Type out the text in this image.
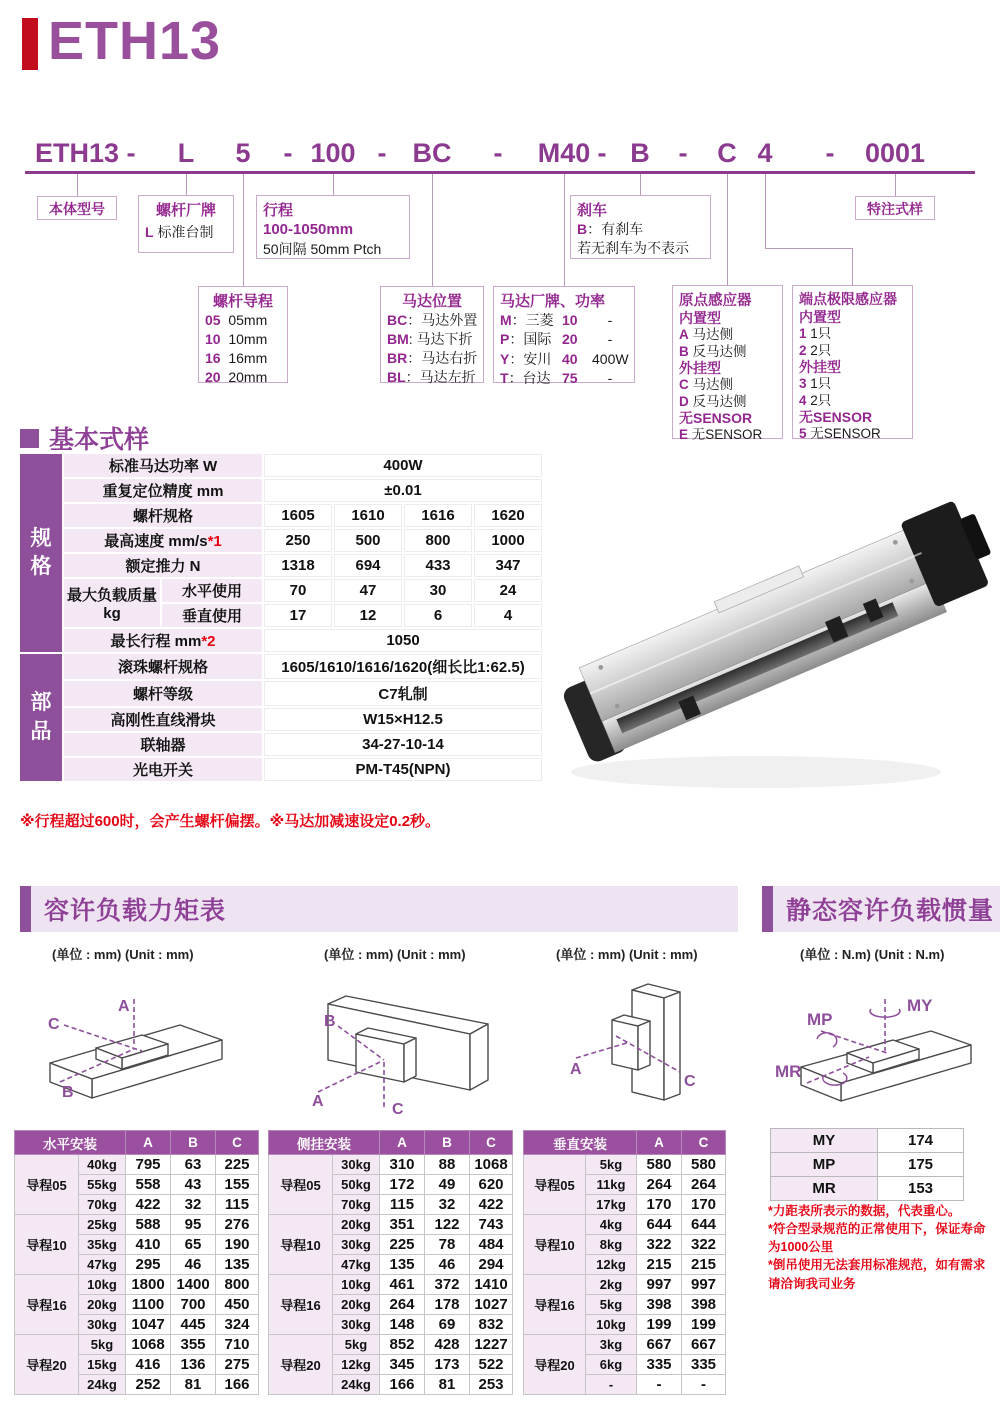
ETH13
ETH13 - L 5 - 100 - BC - M40 - B - C 4 - 0001
本体型号	螺杆厂牌
L 标准台制
行程
100-1050mm
50间隔 50mm Ptch
刹车
B：有刹车
若无刹车为不表示
特注式样
螺杆导程
05 05mm
10 10mm
16 16mm
20 20mm
马达位置
BC：马达外置
BM: 马达下折
BR：马达右折
BL：马达左折
马达厂牌、功率
M：三菱 10	-
P：国际 20	-
Y：安川 40	400W
T：台达 75	-
原点感应器
内置型
A 马达侧
B 反马达侧
外挂型
C 马达侧
D 反马达侧
无SENSOR
E 无SENSOR
端点极限感应器
内置型
1 1只
2 2只
外挂型
3 1只
4 2只
无SENSOR
5 无SENSOR
基本式样
规格	标准马达功率 W		400W			
	重复定位精度 mm		±0.01			
	螺杆规格		1605	1610	1616	1620
	最高速度 mm/s*1		250	500	800	1000
	额定推力 N		1318	694	433	347

	最大负载质量
kg	水平使用	70	47	30	24
		垂直使用	17	12	6	4
	最长行程 mm*2		1050			
部品	滚珠螺杆规格		1605/1610/1616/1620(细长比1:62.5)			
	螺杆等级		C7轧制			
	高刚性直线滑块		W15×H12.5			
	联轴器		34-27-10-14			
	光电开关		PM-T45(NPN)			
※行程超过600时，会产生螺杆偏摆。※马达加减速设定0.2秒。
容许负载力矩表	静态容许负载惯量
(单位 : mm) (Unit : mm)	(单位 : mm) (Unit : mm)	(单位 : mm) (Unit : mm)	(单位 : N.m) (Unit : N.m)
A
C
B
B
A	C
A
C
MY
MP
MR
水平安装		A	B	C
导程05	40kg	795	63	225
	55kg	558	43	155
	70kg	422	32	115
导程10	25kg	588	95	276
	35kg	410	65	190
	47kg	295	46	135
导程16	10kg	1800	1400	800
	20kg	1100	700	450
	30kg	1047	445	324
导程20	5kg	1068	355	710
	15kg	416	136	275
	24kg	252	81	166
侧挂安装		A	B	C
导程05	30kg	310	88	1068
	50kg	172	49	620
	70kg	115	32	422
导程10	20kg	351	122	743
	30kg	225	78	484
	47kg	135	46	294
导程16	10kg	461	372	1410
	20kg	264	178	1027
	30kg	148	69	832
导程20	5kg	852	428	1227
	12kg	345	173	522
	24kg	166	81	253
垂直安装		A	C
导程05	5kg	580	580
	11kg	264	264
	17kg	170	170
导程10	4kg	644	644
	8kg	322	322
	12kg	215	215
导程16	2kg	997	997
	5kg	398	398
	10kg	199	199
导程20	3kg	667	667
	6kg	335	335
	-	-	-
MY	174
MP	175
MR	153
*力距表所表示的数据，代表重心。
*符合型录规范的正常使用下，保证寿命为1000公里
*倒吊使用无法套用标准规范，如有需求请洽询我司业务
